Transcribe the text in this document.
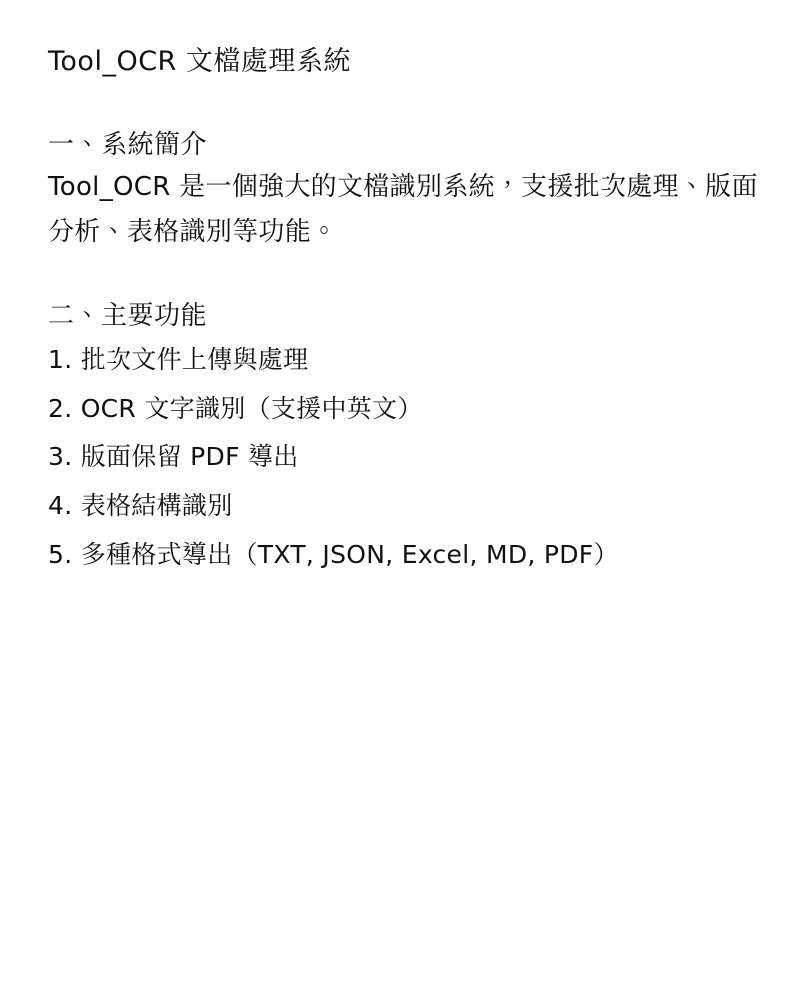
Tool_OCR 文檔處理系統
一、系統簡介

Tool_OCR 是一個強大的文檔識別系統，支援批次處理、版面分析、表格識別等功能。

二、主要功能
1. 批次文件上傳與處理
2. OCR 文字識別（支援中英文）
3. 版面保留 PDF 導出
4. 表格結構識別
5. 多種格式導出（TXT, JSON, Excel, MD, PDF）
